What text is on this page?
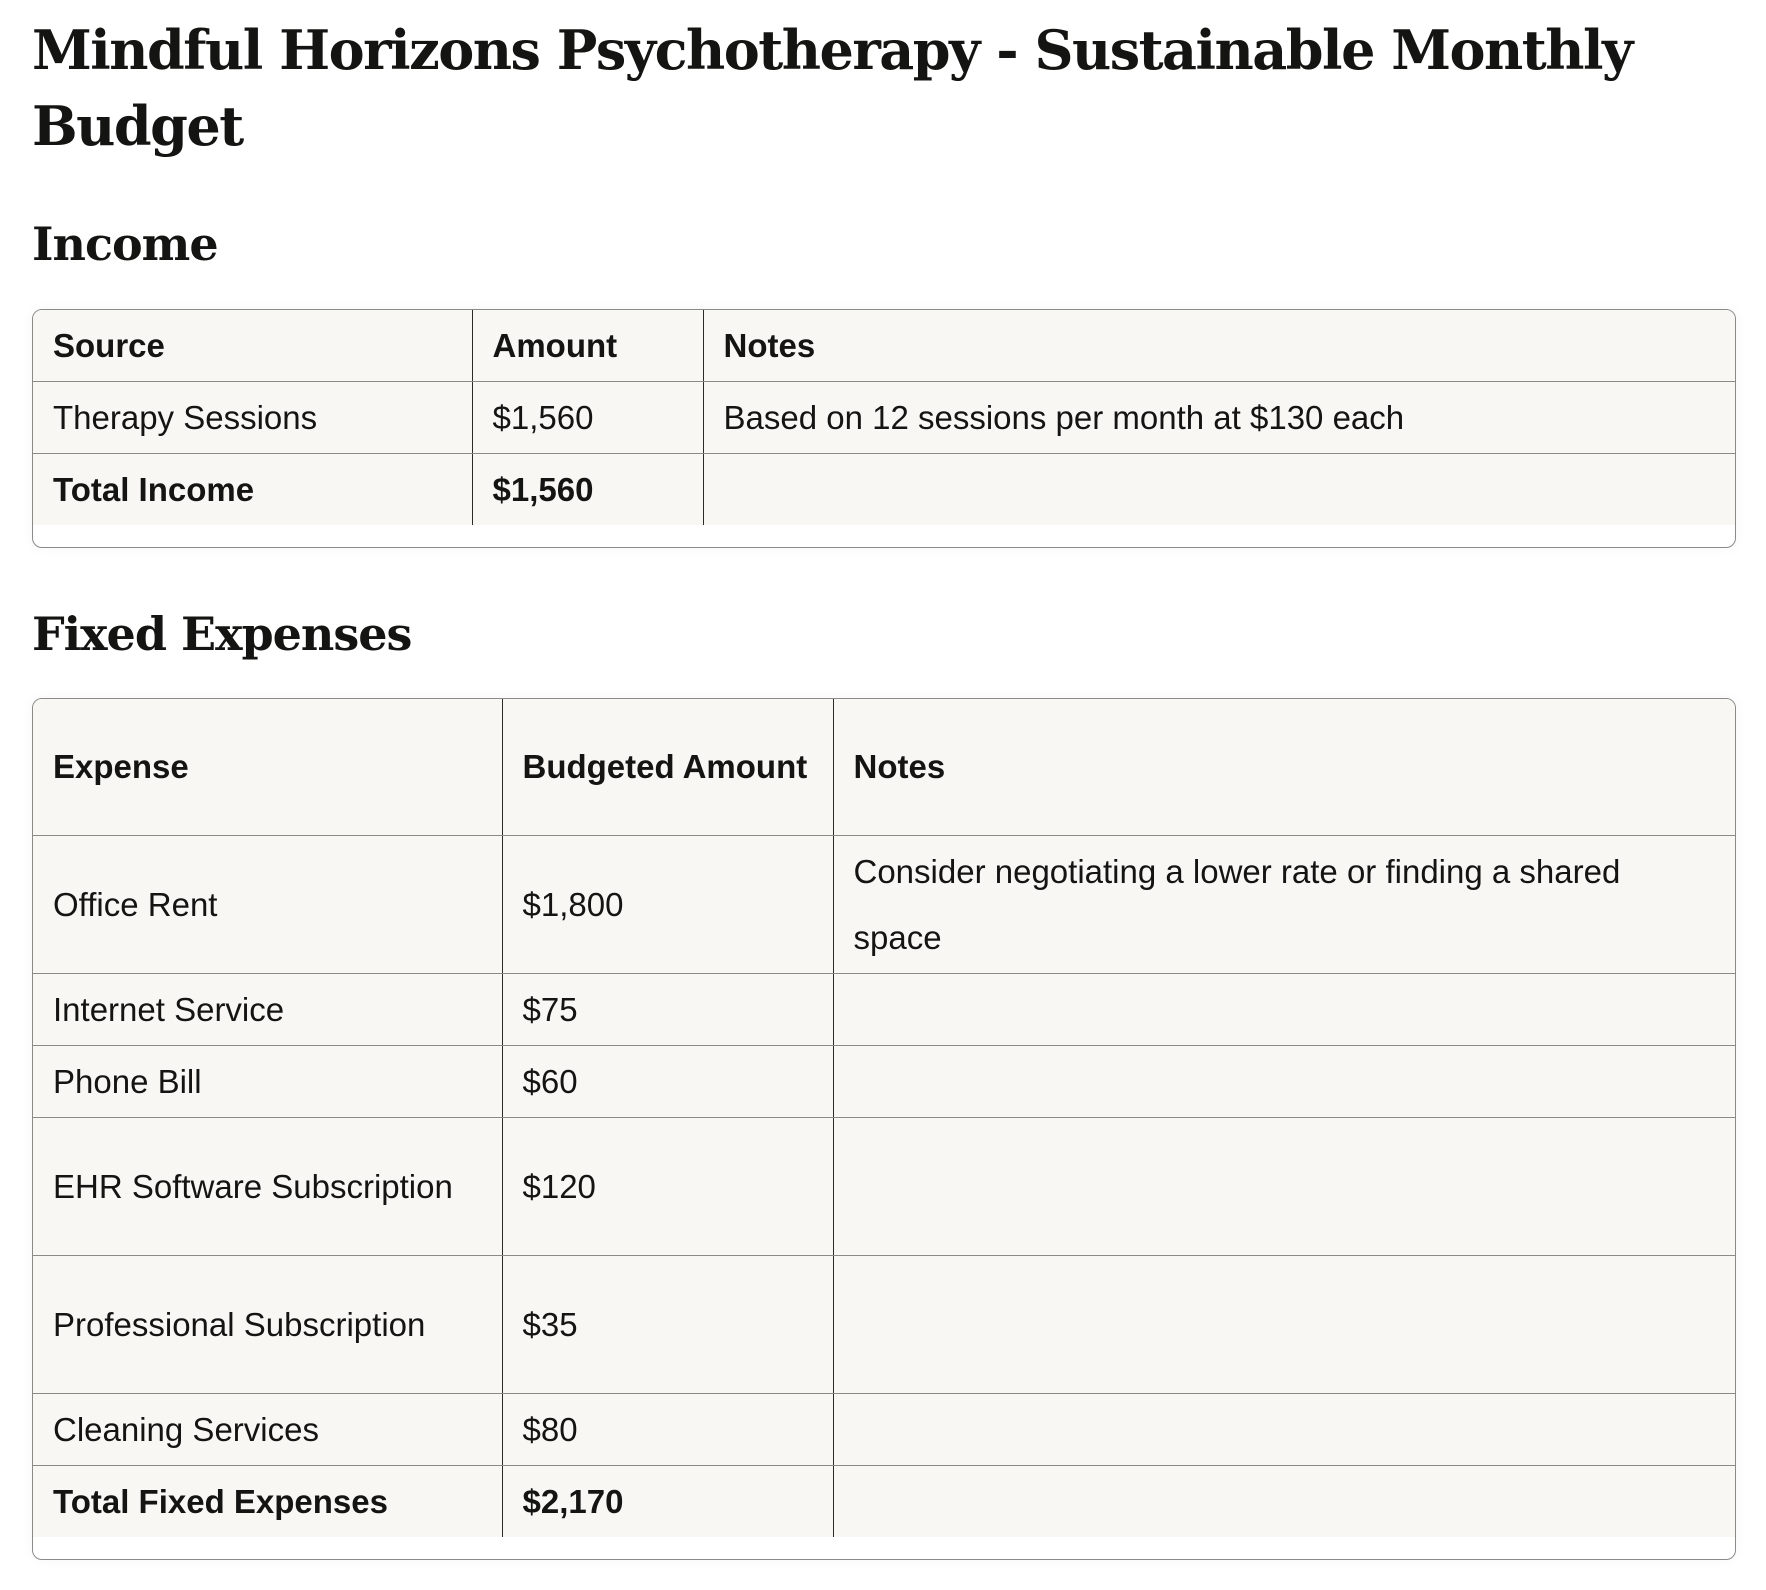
Mindful Horizons Psychotherapy - Sustainable Monthly Budget
Income
Source	Amount	Notes
Therapy Sessions	$1,560	Based on 12 sessions per month at $130 each
Total Income	$1,560	
Fixed Expenses
Expense	Budgeted Amount	Notes
Office Rent	$1,800	Consider negotiating a lower rate or finding a shared space
Internet Service	$75	
Phone Bill	$60	
EHR Software Subscription	$120	
Professional Subscription	$35	
Cleaning Services	$80	
Total Fixed Expenses	$2,170	
